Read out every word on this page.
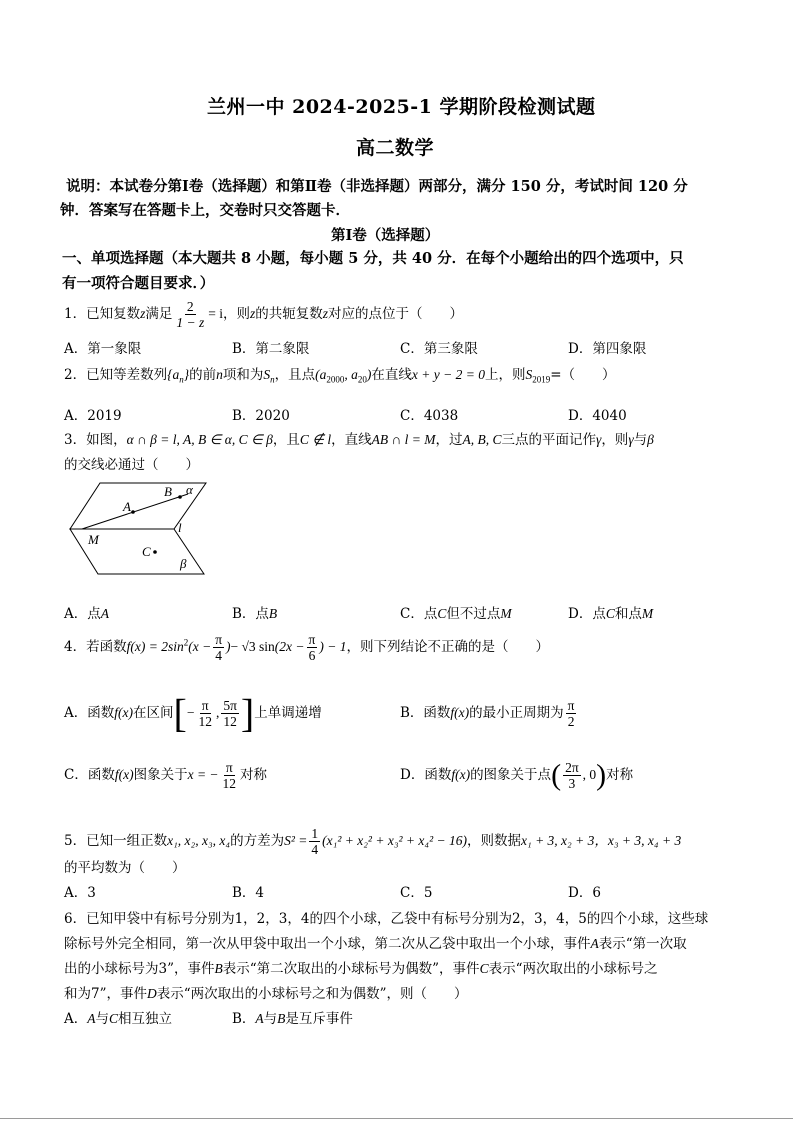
兰州一中 2024-2025-1 学期阶段检测试题
高二数学
说明：本试卷分第Ⅰ卷（选择题）和第Ⅱ卷（非选择题）两部分，满分 150 分，考试时间 120 分
钟．答案写在答题卡上，交卷时只交答题卡．
第Ⅰ卷（选择题）
一、单项选择题（本大题共 8 小题，每小题 5 分，共 40 分．在每个小题给出的四个选项中，只
有一项符合题目要求．）
1．已知复数z满足 $\frac{2}{1 - z} = i$，则z的共轭复数z对应的点位于（　　）
A．第一象限	B．第二象限	C．第三象限	D．第四象限
2．已知等差数列$\{a_n\}$的前n项和为$S_n$，且点($a_{2000}$, $a_{20}$)在直线x + y − 2 = 0上，则$S_{2019}=$（　　）
A．2019	B．2020	C．4038	D．4040
3．如图，α ∩ β = l, A, B ∈ α, C ∈ β，且C ∉ l，直线AB ∩ l = M，过A, B, C三点的平面记作γ，则γ与β
的交线必通过（　　）
α
β
l
A
B
M
C
A．点A	B．点B	C．点C但不过点M	D．点C和点M
4．若函数$f(x) = 2\sin^2(x - \frac{\pi}{4}$ )− √3 $\sin(2x - \frac{\pi}{6}$ ) − 1，则下列结论不正确的是（　　）
A．函数f(x)在区间[− $\frac{\pi}{12}$ , $\frac{5\pi}{12}$ ]上单调递增	B．函数f(x)的最小正周期为 $\frac{\pi}{2}$
C．函数f(x)图象关于x = − $\frac{\pi}{12}$ 对称	D．函数f(x)的图象关于点( $\frac{2\pi}{3}$ , 0)对称
5．已知一组正数x₁, x₂, x₃, x₄的方差为$S^2 = \frac{1}{4} (x_1^2 + x_2^2 + x_3^2 + x_4^2 - 16)$，则数据x₁ + 3, x₂ + 3，x₃ + 3, x₄ + 3
的平均数为（　　）
A．3	B．4	C．5	D．6
6．已知甲袋中有标号分别为1，2，3，4的四个小球，乙袋中有标号分别为2，3，4，5的四个小球，这些球
除标号外完全相同，第一次从甲袋中取出一个小球，第二次从乙袋中取出一个小球，事件A表示“第一次取
出的小球标号为3”，事件B表示“第二次取出的小球标号为偶数”，事件C表示“两次取出的小球标号之
和为7”，事件D表示“两次取出的小球标号之和为偶数”，则（　　）
A．A与C相互独立	B．A与B是互斥事件
